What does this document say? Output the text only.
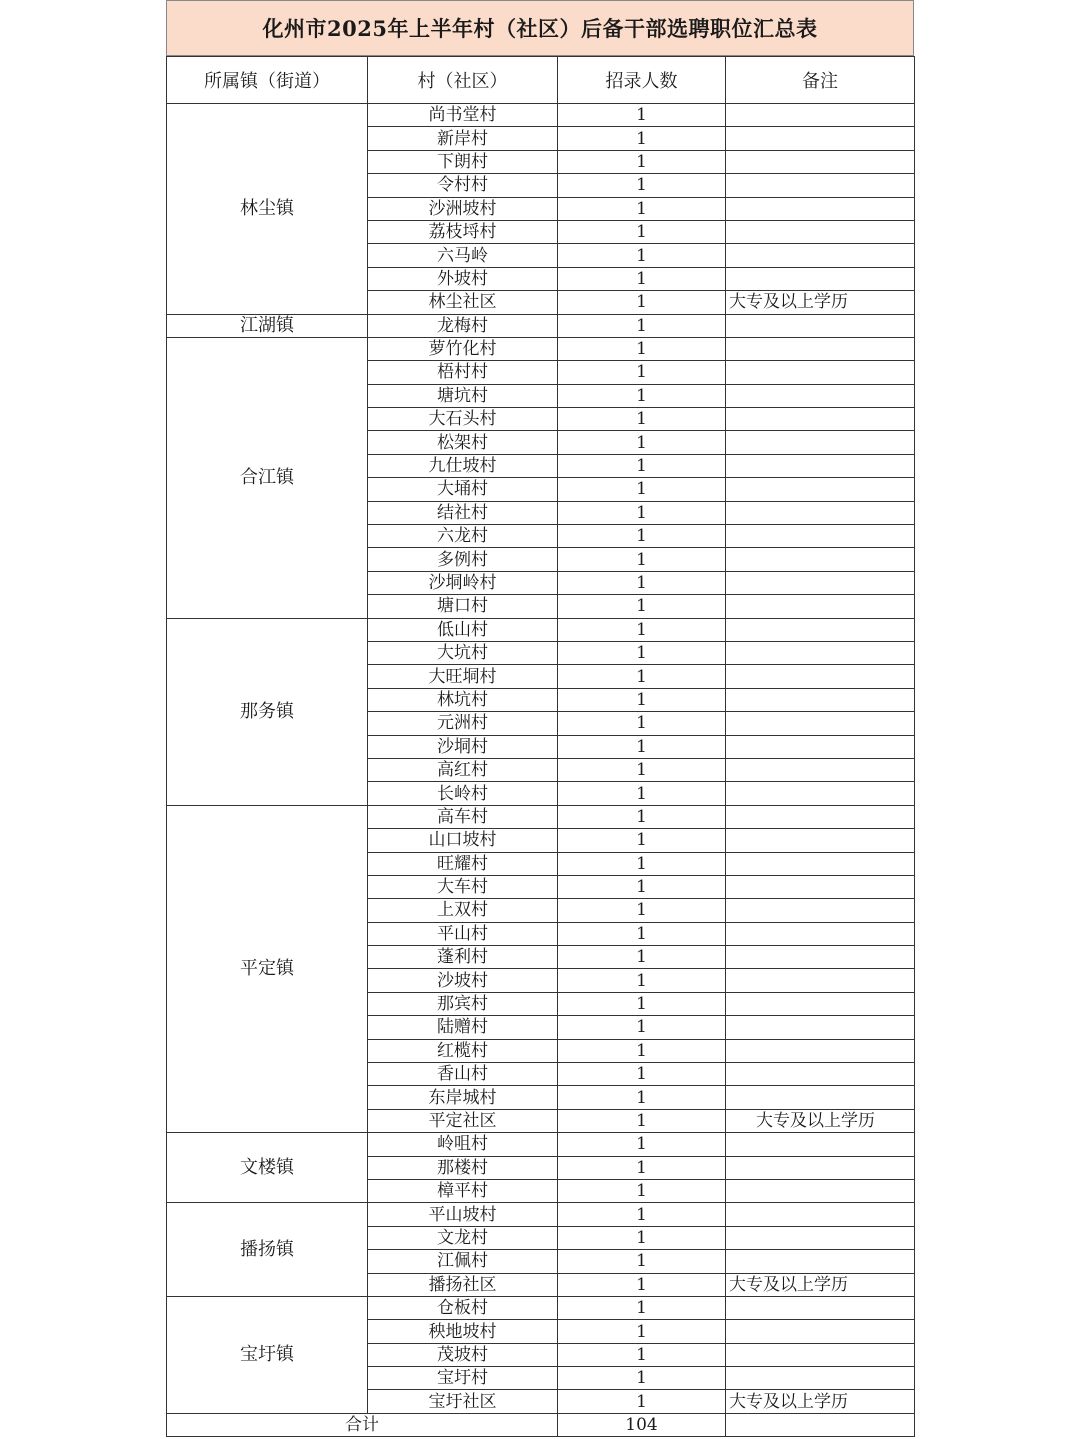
化州市2025年上半年村（社区）后备干部选聘职位汇总表
所属镇（街道）	村（社区）	招录人数	备注
林尘镇	尚书堂村	1	
	新岸村	1	
	下朗村	1	
	令村村	1	
	沙洲坡村	1	
	荔枝埒村	1	
	六马岭	1	
	外坡村	1	
	林尘社区	1	大专及以上学历
江湖镇	龙梅村	1	
合江镇	萝竹化村	1	
	梧村村	1	
	塘坑村	1	
	大石头村	1	
	松架村	1	
	九仕坡村	1	
	大埇村	1	
	结社村	1	
	六龙村	1	
	多例村	1	
	沙垌岭村	1	
	塘口村	1	
那务镇	低山村	1	
	大坑村	1	
	大旺垌村	1	
	林坑村	1	
	元洲村	1	
	沙垌村	1	
	高红村	1	
	长岭村	1	
平定镇	高车村	1	
	山口坡村	1	
	旺耀村	1	
	大车村	1	
	上双村	1	
	平山村	1	
	蓬利村	1	
	沙坡村	1	
	那宾村	1	
	陆赠村	1	
	红榄村	1	
	香山村	1	
	东岸城村	1	
	平定社区	1	大专及以上学历
文楼镇	岭咀村	1	
	那楼村	1	
	樟平村	1	
播扬镇	平山坡村	1	
	文龙村	1	
	江佩村	1	
	播扬社区	1	大专及以上学历
宝圩镇	仓板村	1	
	秧地坡村	1	
	茂坡村	1	
	宝圩村	1	
	宝圩社区	1	大专及以上学历
合计		104	
